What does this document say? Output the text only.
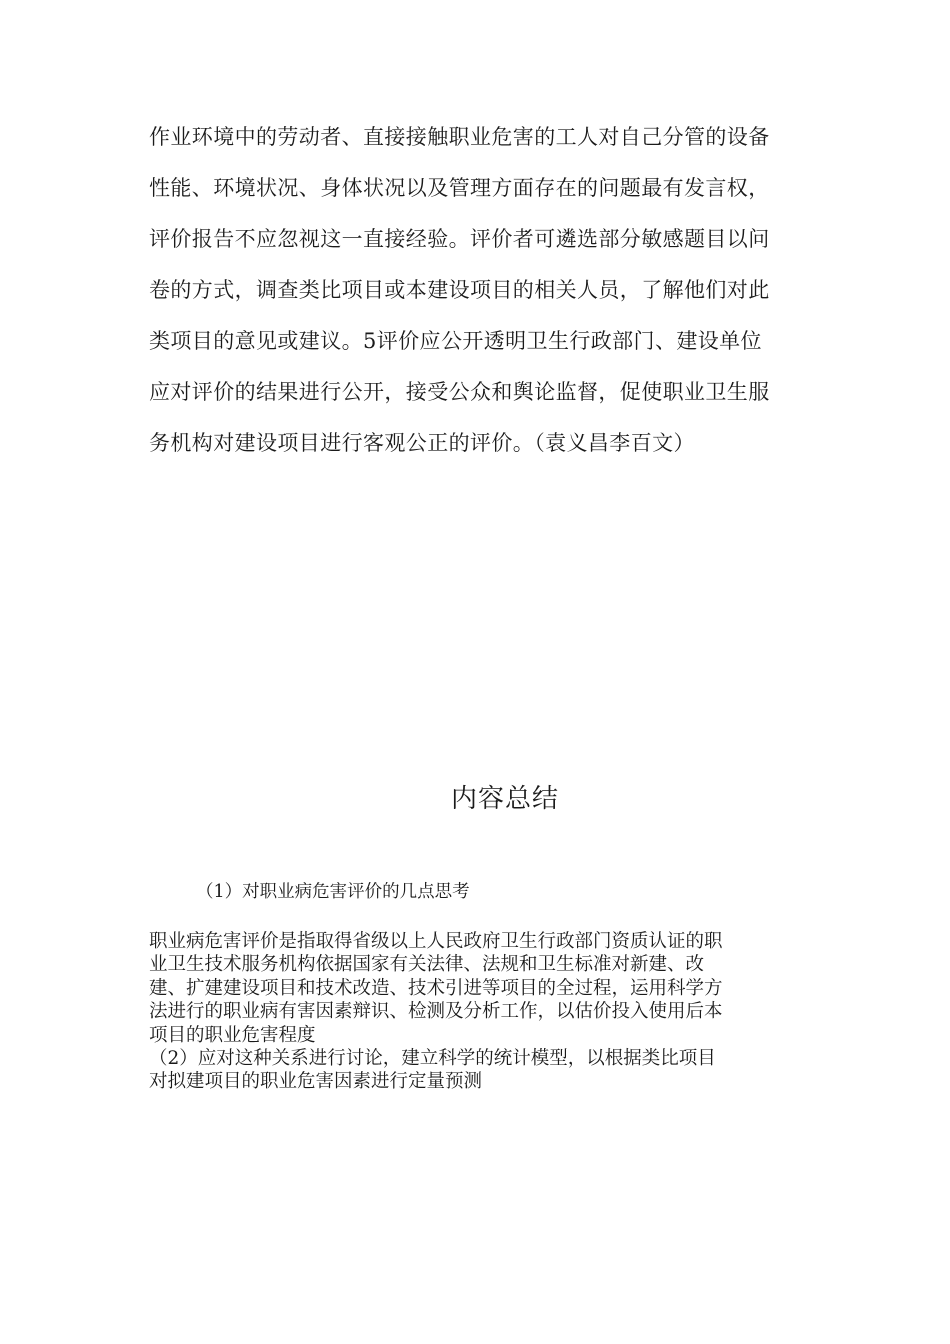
作业环境中的劳动者、直接接触职业危害的工人对自己分管的设备
性能、环境状况、身体状况以及管理方面存在的问题最有发言权，
评价报告不应忽视这一直接经验。评价者可遴选部分敏感题目以问
卷的方式，调查类比项目或本建设项目的相关人员，了解他们对此
类项目的意见或建议。5评价应公开透明卫生行政部门、建设单位
应对评价的结果进行公开，接受公众和舆论监督，促使职业卫生服
务机构对建设项目进行客观公正的评价。（袁义昌李百文）
内容总结
（1）对职业病危害评价的几点思考
职业病危害评价是指取得省级以上人民政府卫生行政部门资质认证的职
业卫生技术服务机构依据国家有关法律、法规和卫生标准对新建、改
建、扩建建设项目和技术改造、技术引进等项目的全过程，运用科学方
法进行的职业病有害因素辩识、检测及分析工作，以估价投入使用后本
项目的职业危害程度
（2）应对这种关系进行讨论，建立科学的统计模型，以根据类比项目
对拟建项目的职业危害因素进行定量预测
